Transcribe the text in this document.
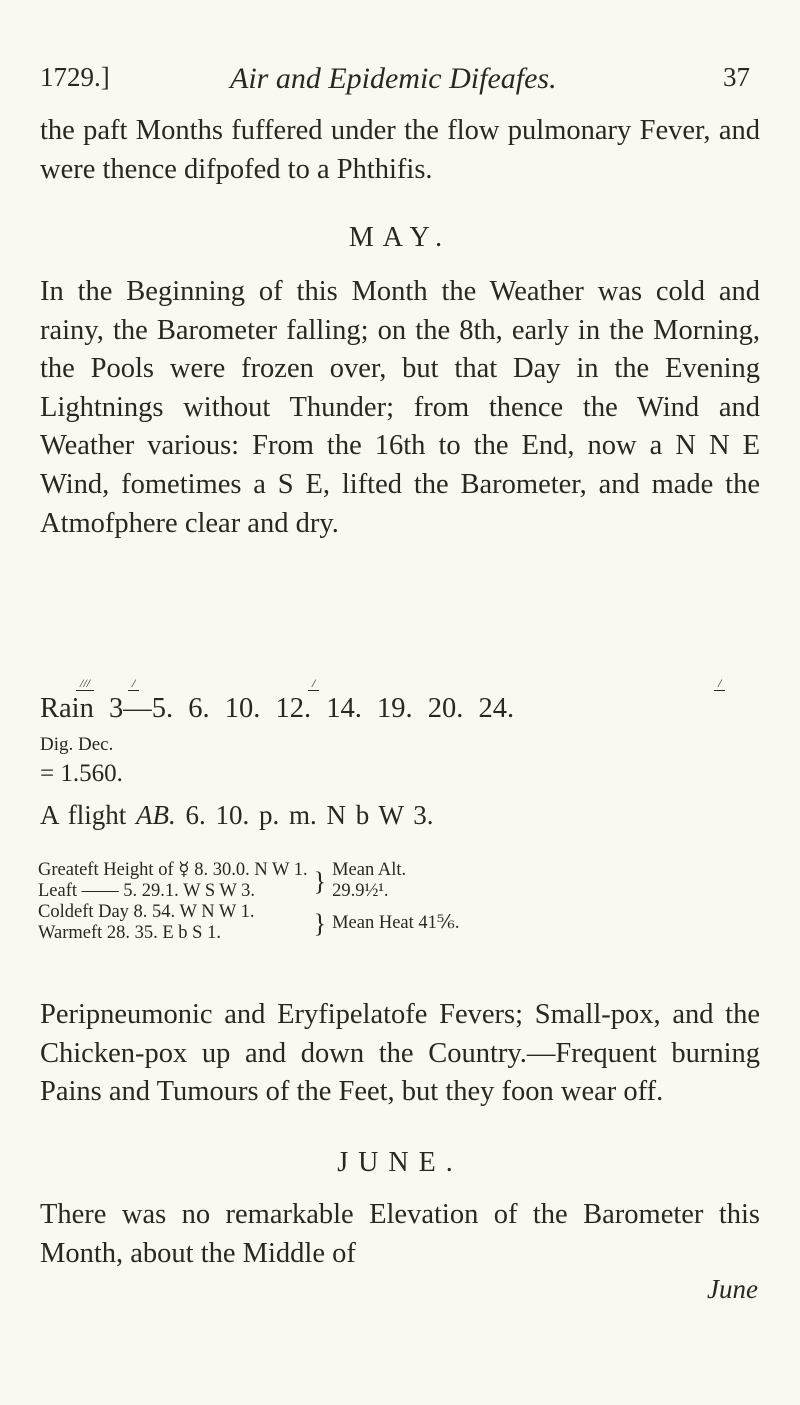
1729.]	Air and Epidemic Difeafes.	37

the paft Months fuffered under the flow pulmonary Fever, and were thence difpofed to a Phthifis.

MAY.

In the Beginning of this Month the Weather was cold and rainy, the Barometer falling; on the 8th, early in the Morning, the Pools were frozen over, but that Day in the Evening Lightnings without Thunder; from thence the Wind and Weather various: From the 16th to the End, now a N N E Wind, fometimes a S E, lifted the Barometer, and made the Atmofphere clear and dry.

///	/	/	/
Rain 3—5. 6. 10. 12. 14. 19. 20. 24.
Dig. Dec.
= 1.560.
A flight AB. 6. 10. p. m. N b W 3.
Greateft Height of ☿ 8. 30.0. N W 1.	}	Mean Alt.
Leaft —— 5. 29.1. W S W 3.		29.9½¹.
Coldeft Day 8. 54. W N W 1.	}	Mean Heat 41⅚.
Warmeft 28. 35. E b S 1.		

Peripneumonic and Eryfipelatofe Fevers; Small-pox, and the Chicken-pox up and down the Country.—Frequent burning Pains and Tumours of the Feet, but they foon wear off.

JUNE.

There was no remarkable Elevation of the Barometer this Month, about the Middle of

June
